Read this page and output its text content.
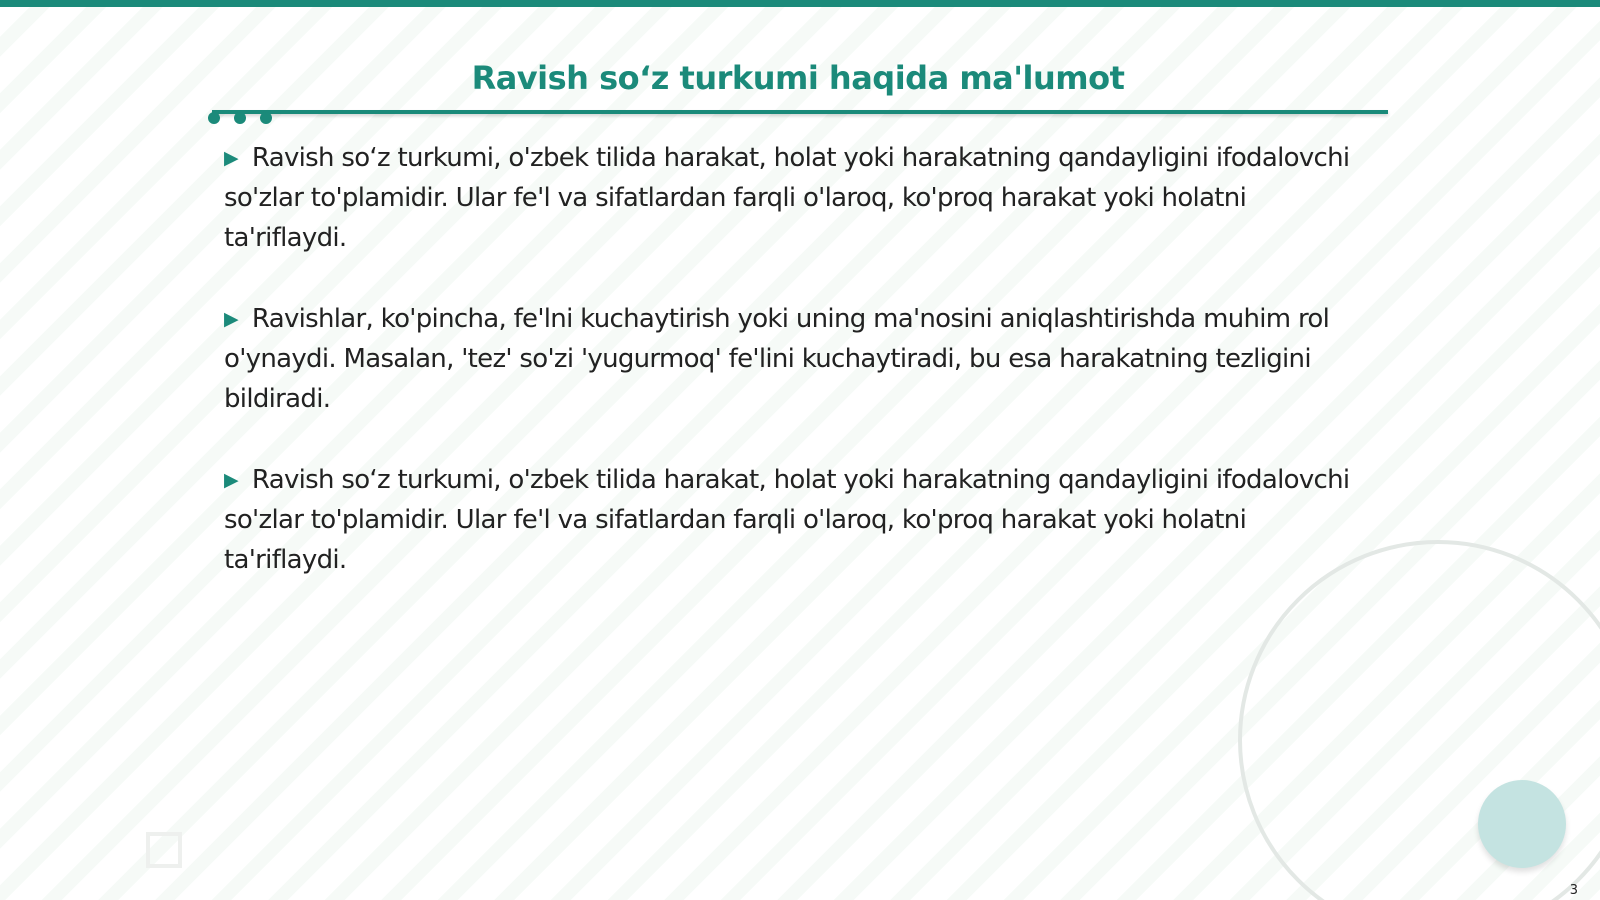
Ravish so‘z turkumi haqida ma'lumot

▶ Ravish so‘z turkumi, o'zbek tilida harakat, holat yoki harakatning qandayligini ifodalovchi so'zlar to'plamidir. Ular fe'l va sifatlardan farqli o'laroq, ko'proq harakat yoki holatni ta'riflaydi.

▶ Ravishlar, ko'pincha, fe'lni kuchaytirish yoki uning ma'nosini aniqlashtirishda muhim rol o'ynaydi. Masalan, 'tez' so'zi 'yugurmoq' fe'lini kuchaytiradi, bu esa harakatning tezligini bildiradi.

▶ Ravish so‘z turkumi, o'zbek tilida harakat, holat yoki harakatning qandayligini ifodalovchi so'zlar to'plamidir. Ular fe'l va sifatlardan farqli o'laroq, ko'proq harakat yoki holatni ta'riflaydi.

3
